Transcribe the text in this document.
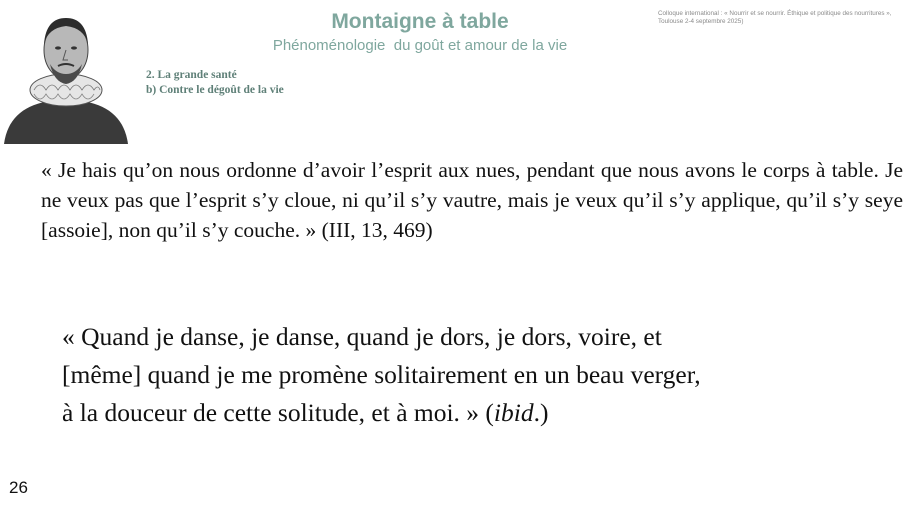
Montaigne à table
Phénoménologie  du goût et amour de la vie
Colloque international : « Nourrir et se nourrir. Éthique et politique des nourritures », Toulouse 2-4 septembre 2025)
2. La grande santé
b) Contre le dégoût de la vie
« Je hais qu’on nous ordonne d’avoir l’esprit aux nues, pendant que nous avons le corps à table. Je ne veux pas que l’esprit s’y cloue, ni qu’il s’y vautre, mais je veux qu’il s’y applique, qu’il s’y seye [assoie], non qu’il s’y couche. » (III, 13, 469)
« Quand je danse, je danse, quand je dors, je dors, voire, et
[même] quand je me promène solitairement en un beau verger,
à la douceur de cette solitude, et à moi. » (ibid.)
26
